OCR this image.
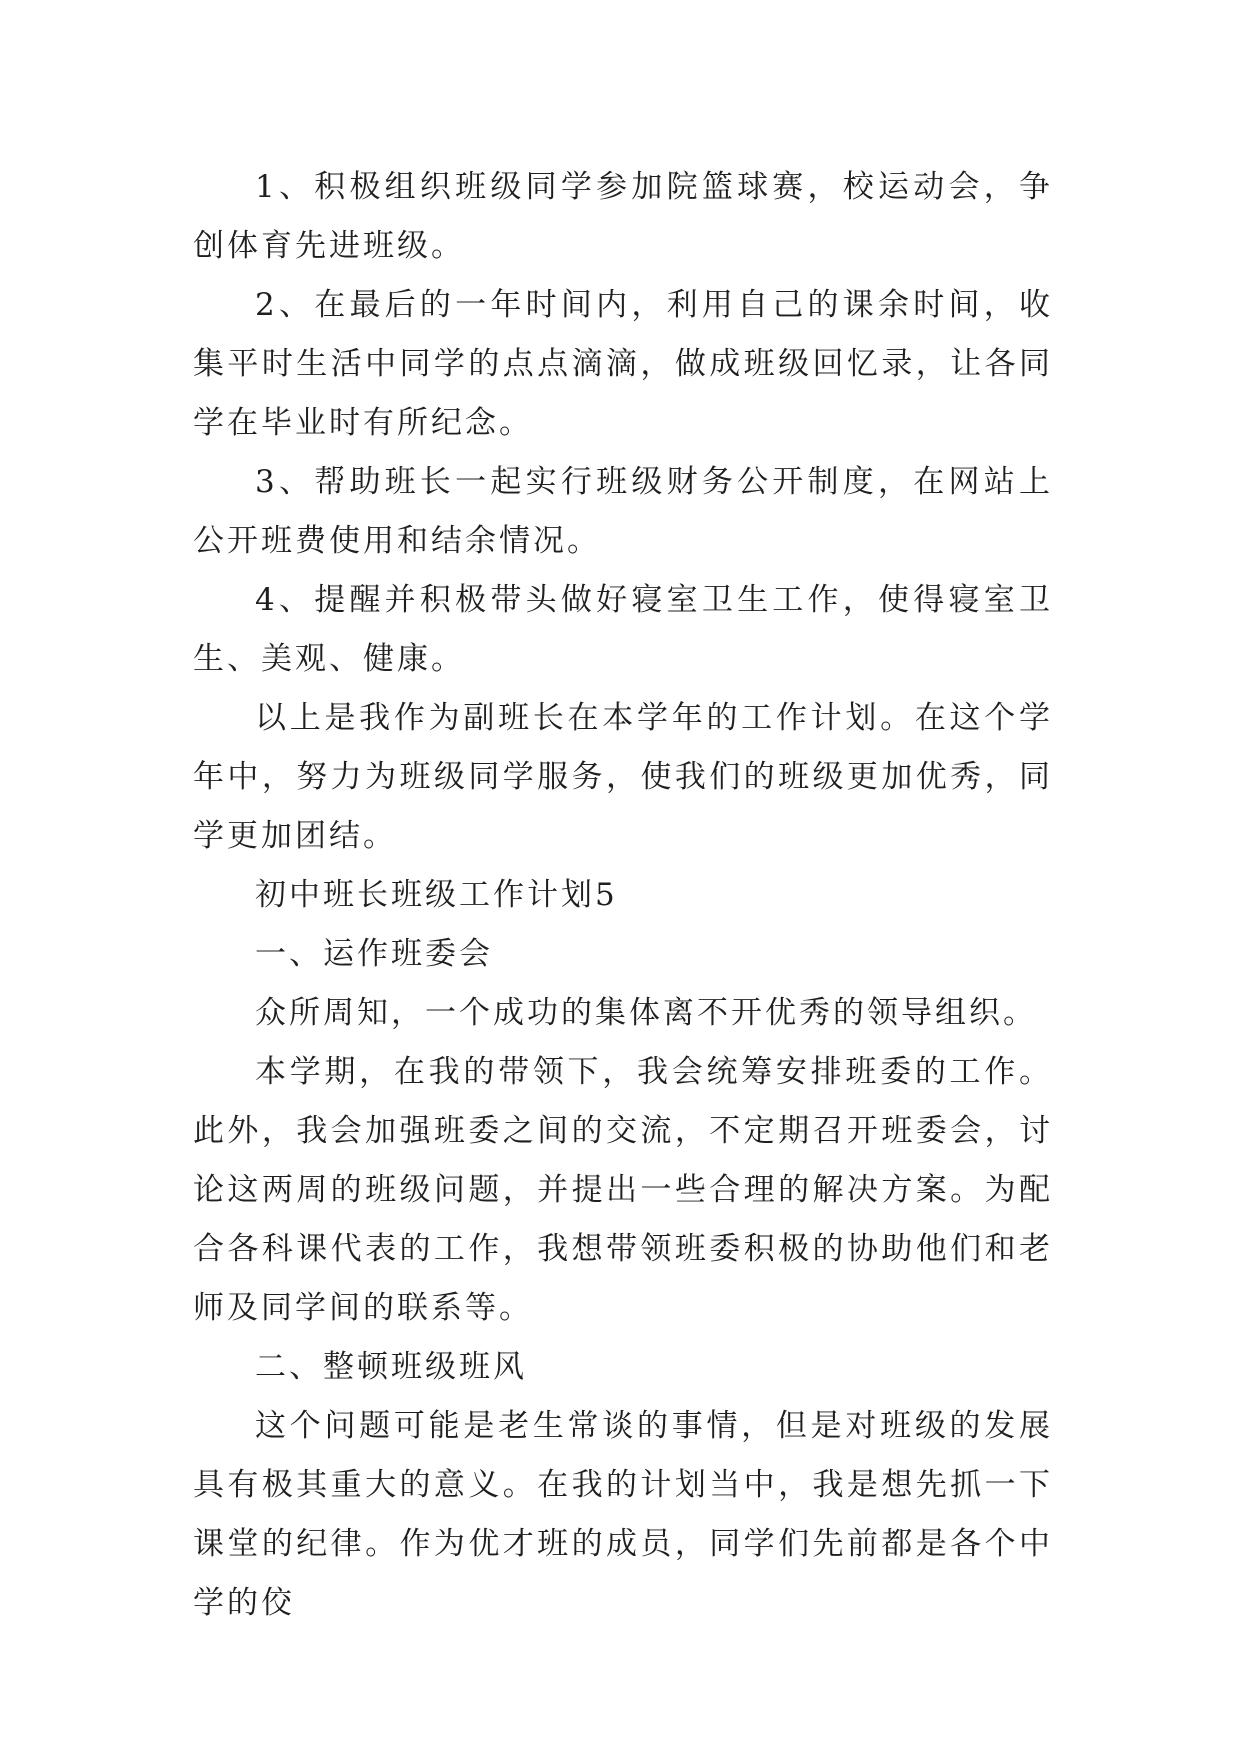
1、积极组织班级同学参加院篮球赛，校运动会，争创体育先进班级。

2、在最后的一年时间内，利用自己的课余时间，收集平时生活中同学的点点滴滴，做成班级回忆录，让各同学在毕业时有所纪念。

3、帮助班长一起实行班级财务公开制度，在网站上公开班费使用和结余情况。

4、提醒并积极带头做好寝室卫生工作，使得寝室卫生、美观、健康。

以上是我作为副班长在本学年的工作计划。在这个学年中，努力为班级同学服务，使我们的班级更加优秀，同学更加团结。

初中班长班级工作计划5

一、运作班委会

众所周知，一个成功的集体离不开优秀的领导组织。

本学期，在我的带领下，我会统筹安排班委的工作。此外，我会加强班委之间的交流，不定期召开班委会，讨论这两周的班级问题，并提出一些合理的解决方案。为配合各科课代表的工作，我想带领班委积极的协助他们和老师及同学间的联系等。

二、整顿班级班风

这个问题可能是老生常谈的事情，但是对班级的发展具有极其重大的意义。在我的计划当中，我是想先抓一下课堂的纪律。作为优才班的成员，同学们先前都是各个中学的佼
